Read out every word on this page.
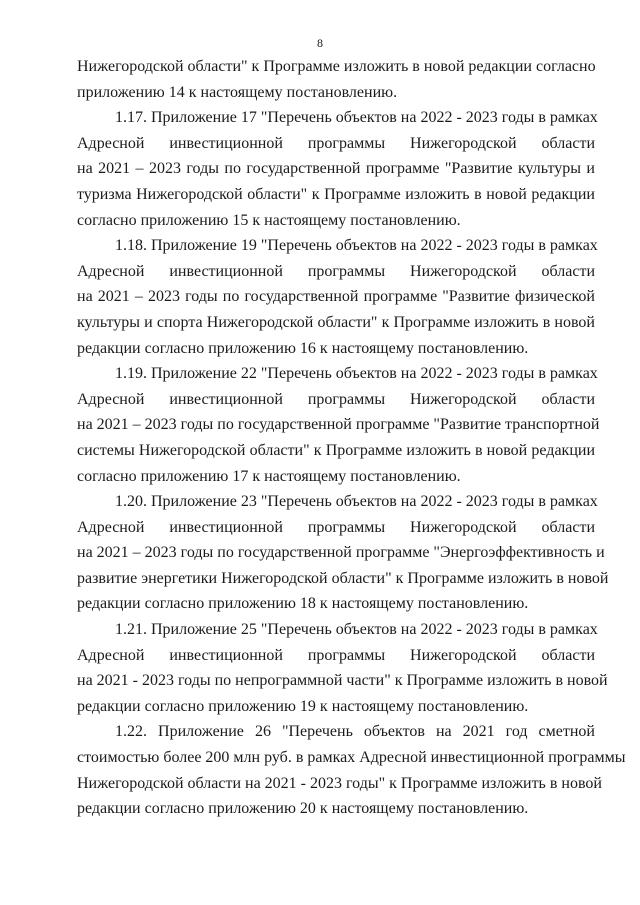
8
Нижегородской области" к Программе изложить в новой редакции согласно
приложению 14 к настоящему постановлению.
1.17. Приложение 17 "Перечень объектов на 2022 - 2023 годы в рамках
Адресной инвестиционной программы Нижегородской области
на 2021 – 2023 годы по государственной программе "Развитие культуры и
туризма Нижегородской области" к Программе изложить в новой редакции
согласно приложению 15 к настоящему постановлению.
1.18. Приложение 19 "Перечень объектов на 2022 - 2023 годы в рамках
Адресной инвестиционной программы Нижегородской области
на 2021 – 2023 годы по государственной программе "Развитие физической
культуры и спорта Нижегородской области" к Программе изложить в новой
редакции согласно приложению 16 к настоящему постановлению.
1.19. Приложение 22 "Перечень объектов на 2022 - 2023 годы в рамках
Адресной инвестиционной программы Нижегородской области
на 2021 – 2023 годы по государственной программе "Развитие транспортной
системы Нижегородской области" к Программе изложить в новой редакции
согласно приложению 17 к настоящему постановлению.
1.20. Приложение 23 "Перечень объектов на 2022 - 2023 годы в рамках
Адресной инвестиционной программы Нижегородской области
на 2021 – 2023 годы по государственной программе "Энергоэффективность и
развитие энергетики Нижегородской области" к Программе изложить в новой
редакции согласно приложению 18 к настоящему постановлению.
1.21. Приложение 25 "Перечень объектов на 2022 - 2023 годы в рамках
Адресной инвестиционной программы Нижегородской области
на 2021 - 2023 годы по непрограммной части" к Программе изложить в новой
редакции согласно приложению 19 к настоящему постановлению.
1.22. Приложение 26 "Перечень объектов на 2021 год сметной
стоимостью более 200 млн руб. в рамках Адресной инвестиционной программы
Нижегородской области на 2021 - 2023 годы" к Программе изложить в новой
редакции согласно приложению 20 к настоящему постановлению.
